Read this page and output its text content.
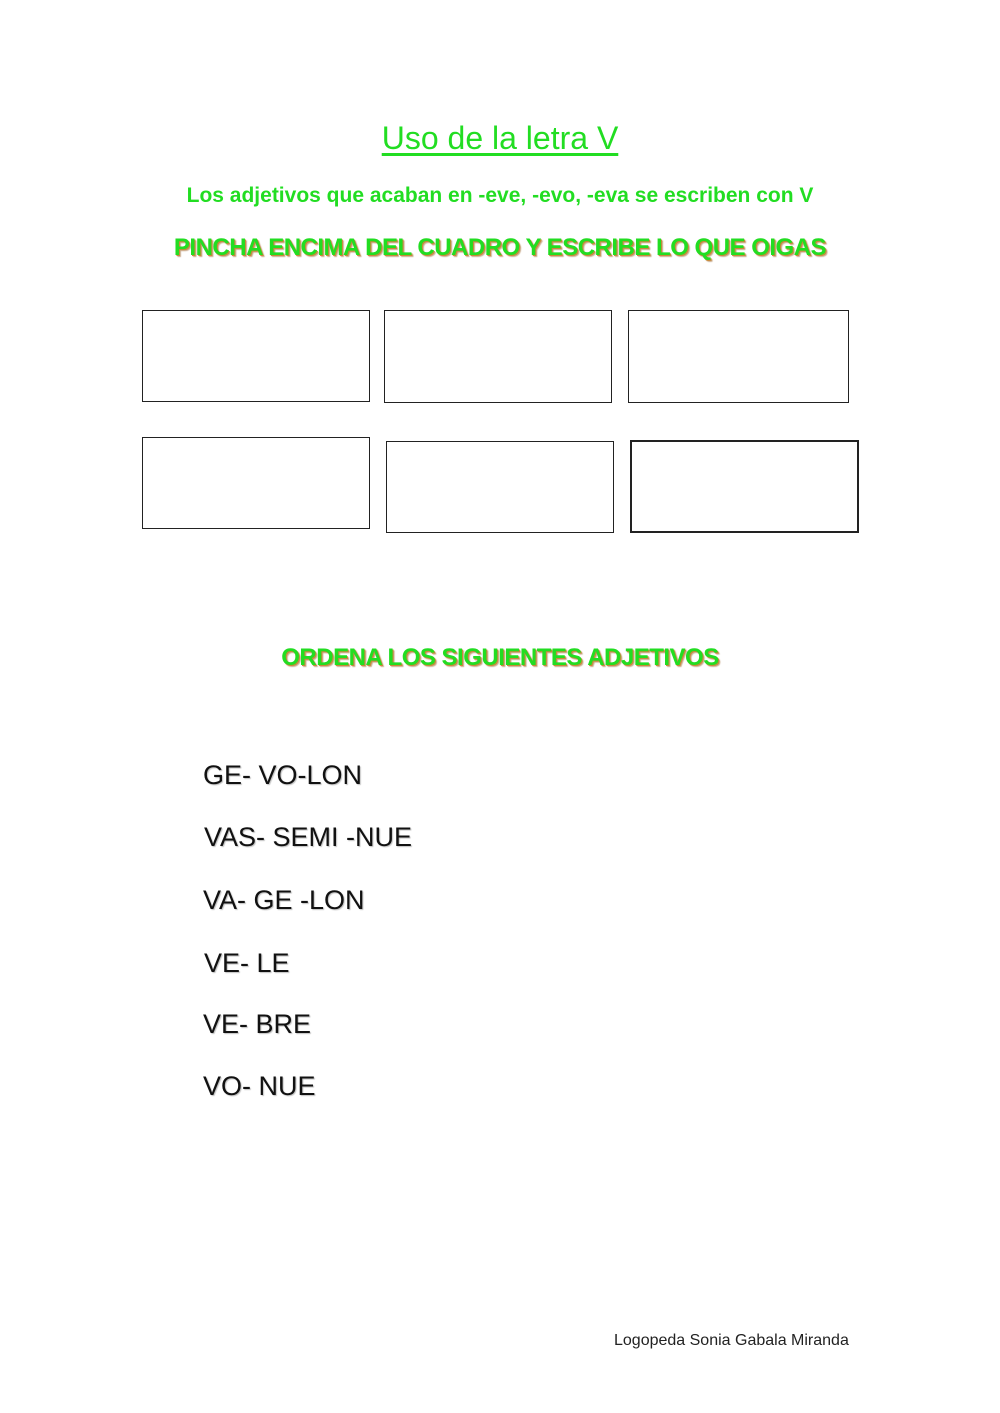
Uso de la letra V
Los adjetivos que acaban en -eve, -evo, -eva se escriben con V
PINCHA ENCIMA DEL CUADRO Y ESCRIBE LO QUE OIGAS
ORDENA LOS SIGUIENTES ADJETIVOS
GE- VO-LON
VAS- SEMI -NUE
VA- GE -LON
VE- LE
VE- BRE
VO- NUE
Logopeda Sonia Gabala Miranda
